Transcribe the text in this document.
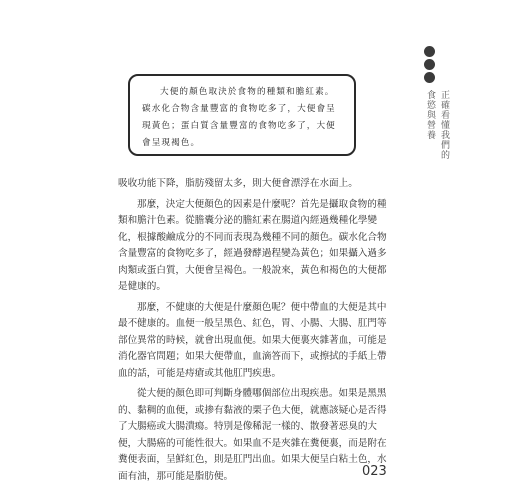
正確看懂我們的食慾與營養

大便的顏色取決於食物的種類和膽紅素。碳水化合物含量豐富的食物吃多了，大便會呈現黃色；蛋白質含量豐富的食物吃多了，大便會呈現褐色。

吸收功能下降，脂肪殘留太多，則大便會漂浮在水面上。

那麼，決定大便顏色的因素是什麼呢？首先是攝取食物的種類和膽汁色素。從膽囊分泌的膽紅素在腸道內經過幾種化學變化，根據酸鹼成分的不同而表現為幾種不同的顏色。碳水化合物含量豐富的食物吃多了，經過發酵過程變為黃色；如果攝入過多肉類或蛋白質，大便會呈褐色。一般說來，黃色和褐色的大便都是健康的。

那麼，不健康的大便是什麼顏色呢？便中帶血的大便是其中最不健康的。血便一般呈黑色、紅色，胃、小腸、大腸、肛門等部位異常的時候，就會出現血便。如果大便裏夾雜著血，可能是消化器官問題；如果大便帶血，血滴答而下，或擦拭的手紙上帶血的話，可能是痔瘡或其他肛門疾患。

從大便的顏色即可判斷身體哪個部位出現疾患。如果是黑黑的、黏稠的血便，或掺有黏液的栗子色大便，就應該疑心是否得了大腸癌或大腸潰瘍。特別是像稀泥一樣的、散發著惡臭的大便，大腸癌的可能性很大。如果血不是夾雜在糞便裏，而是附在糞便表面，呈鮮紅色，則是肛門出血。如果大便呈白粘土色，水面有油，那可能是脂肪便。	023
